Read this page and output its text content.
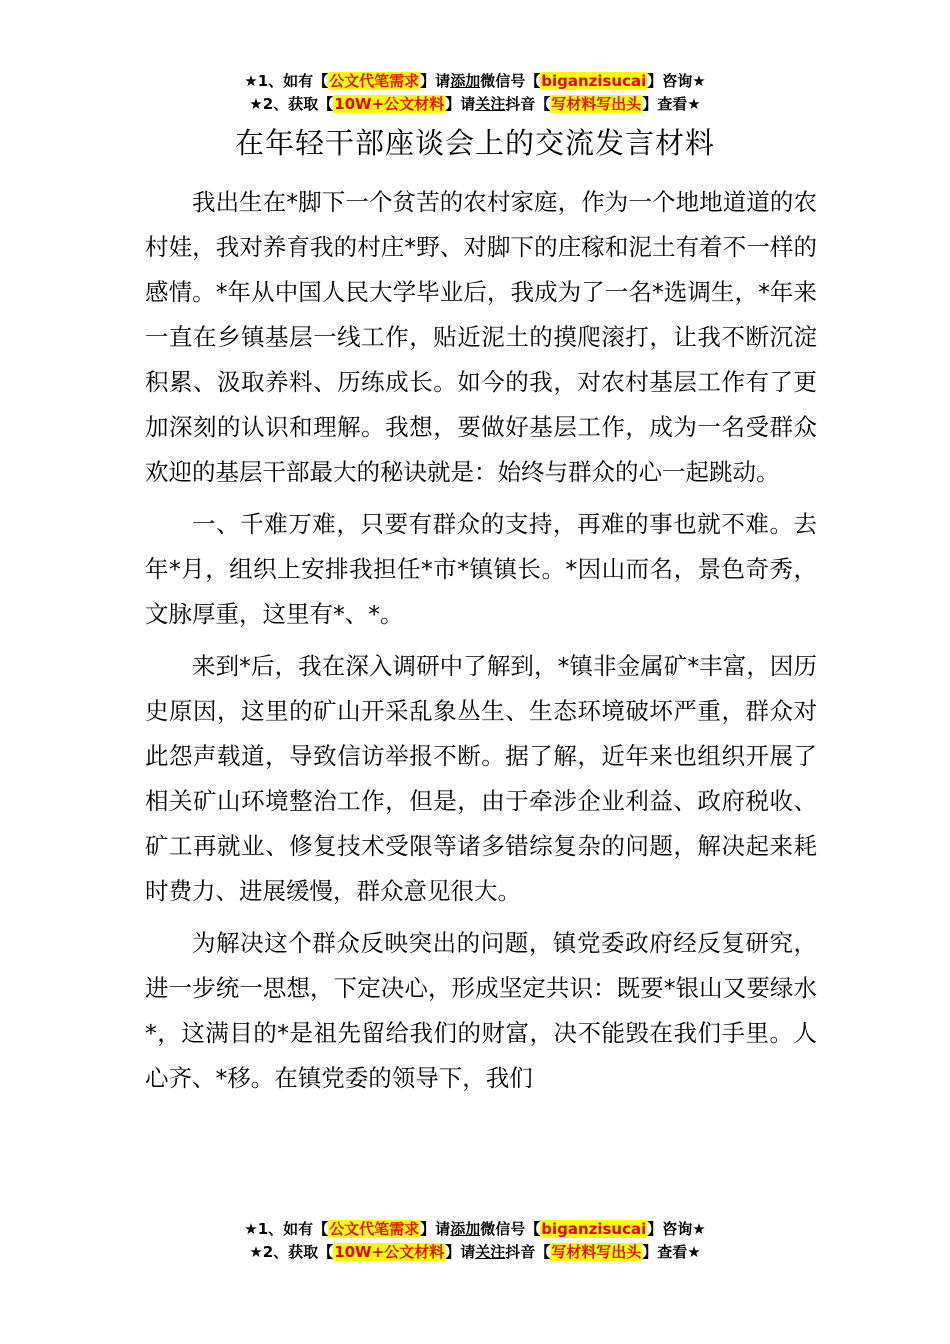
★1、如有【公文代笔需求】请添加微信号【biganzisucai】咨询★
★2、获取【10W+公文材料】请关注抖音【写材料写出头】查看★
在年轻干部座谈会上的交流发言材料

我出生在*脚下一个贫苦的农村家庭，作为一个地地道道的农村娃，我对养育我的村庄*野、对脚下的庄稼和泥土有着不一样的感情。*年从中国人民大学毕业后，我成为了一名*选调生，*年来一直在乡镇基层一线工作，贴近泥土的摸爬滚打，让我不断沉淀积累、汲取养料、历练成长。如今的我，对农村基层工作有了更加深刻的认识和理解。我想，要做好基层工作，成为一名受群众欢迎的基层干部最大的秘诀就是：始终与群众的心一起跳动。

一、千难万难，只要有群众的支持，再难的事也就不难。去年*月，组织上安排我担任*市*镇镇长。*因山而名，景色奇秀，文脉厚重，这里有*、*。

来到*后，我在深入调研中了解到，*镇非金属矿*丰富，因历史原因，这里的矿山开采乱象丛生、生态环境破坏严重，群众对此怨声载道，导致信访举报不断。据了解，近年来也组织开展了相关矿山环境整治工作，但是，由于牵涉企业利益、政府税收、矿工再就业、修复技术受限等诸多错综复杂的问题，解决起来耗时费力、进展缓慢，群众意见很大。

为解决这个群众反映突出的问题，镇党委政府经反复研究，进一步统一思想，下定决心，形成坚定共识：既要*银山又要绿水*，这满目的*是祖先留给我们的财富，决不能毁在我们手里。人心齐、*移。在镇党委的领导下，我们

★1、如有【公文代笔需求】请添加微信号【biganzisucai】咨询★
★2、获取【10W+公文材料】请关注抖音【写材料写出头】查看★
